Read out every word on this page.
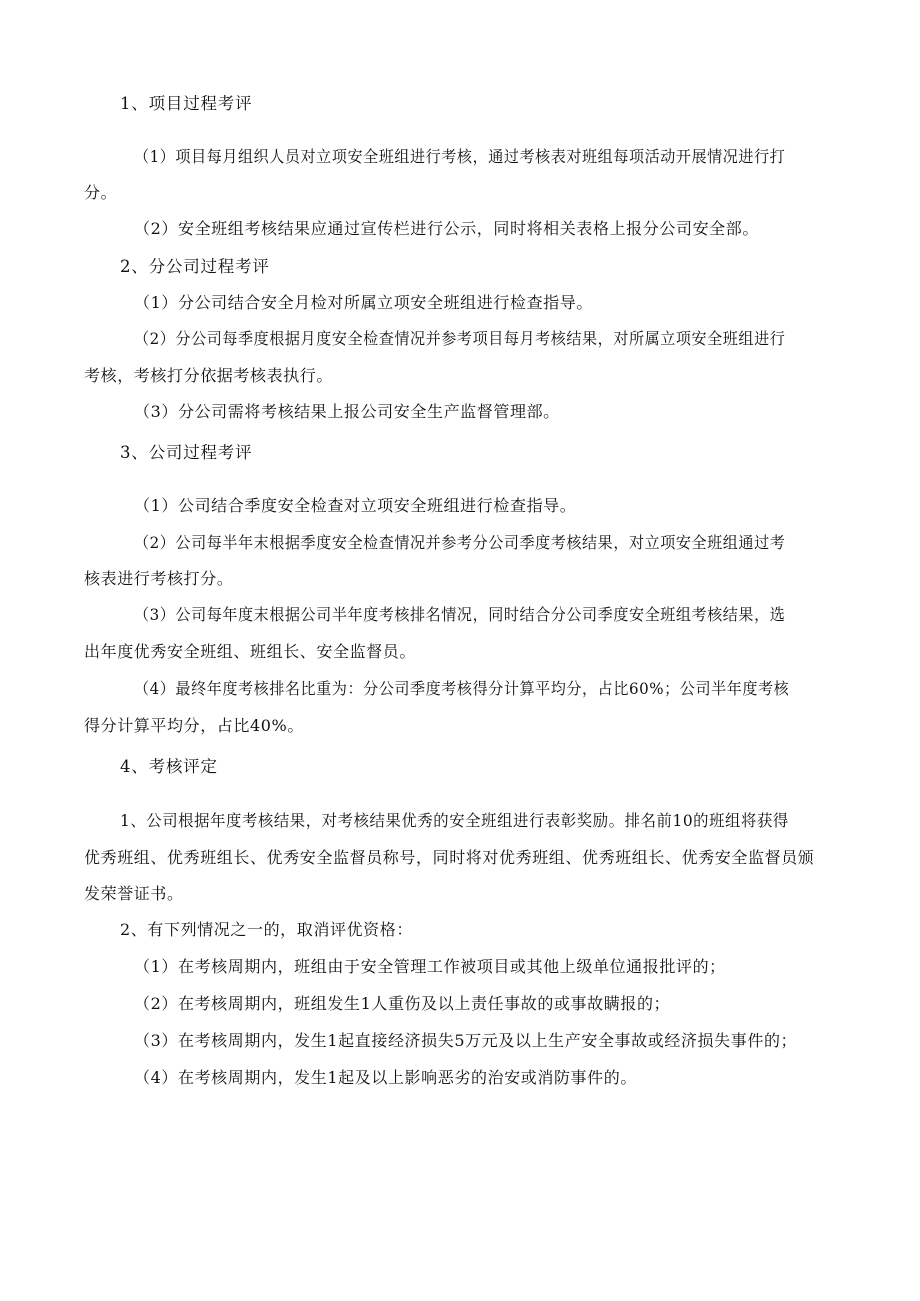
1、项目过程考评
（1）项目每月组织人员对立项安全班组进行考核，通过考核表对班组每项活动开展情况进行打
分。
（2）安全班组考核结果应通过宣传栏进行公示，同时将相关表格上报分公司安全部。
2、分公司过程考评
（1）分公司结合安全月检对所属立项安全班组进行检查指导。
（2）分公司每季度根据月度安全检查情况并参考项目每月考核结果，对所属立项安全班组进行
考核，考核打分依据考核表执行。
（3）分公司需将考核结果上报公司安全生产监督管理部。
3、公司过程考评
（1）公司结合季度安全检查对立项安全班组进行检查指导。
（2）公司每半年末根据季度安全检查情况并参考分公司季度考核结果，对立项安全班组通过考
核表进行考核打分。
（3）公司每年度末根据公司半年度考核排名情况，同时结合分公司季度安全班组考核结果，选
出年度优秀安全班组、班组长、安全监督员。
（4）最终年度考核排名比重为：分公司季度考核得分计算平均分，占比60%；公司半年度考核
得分计算平均分，占比40%。
4、考核评定
1、公司根据年度考核结果，对考核结果优秀的安全班组进行表彰奖励。排名前10的班组将获得
优秀班组、优秀班组长、优秀安全监督员称号，同时将对优秀班组、优秀班组长、优秀安全监督员颁
发荣誉证书。
2、有下列情况之一的，取消评优资格：
（1）在考核周期内，班组由于安全管理工作被项目或其他上级单位通报批评的；
（2）在考核周期内，班组发生1人重伤及以上责任事故的或事故瞒报的；
（3）在考核周期内，发生1起直接经济损失5万元及以上生产安全事故或经济损失事件的；
（4）在考核周期内，发生1起及以上影响恶劣的治安或消防事件的。
